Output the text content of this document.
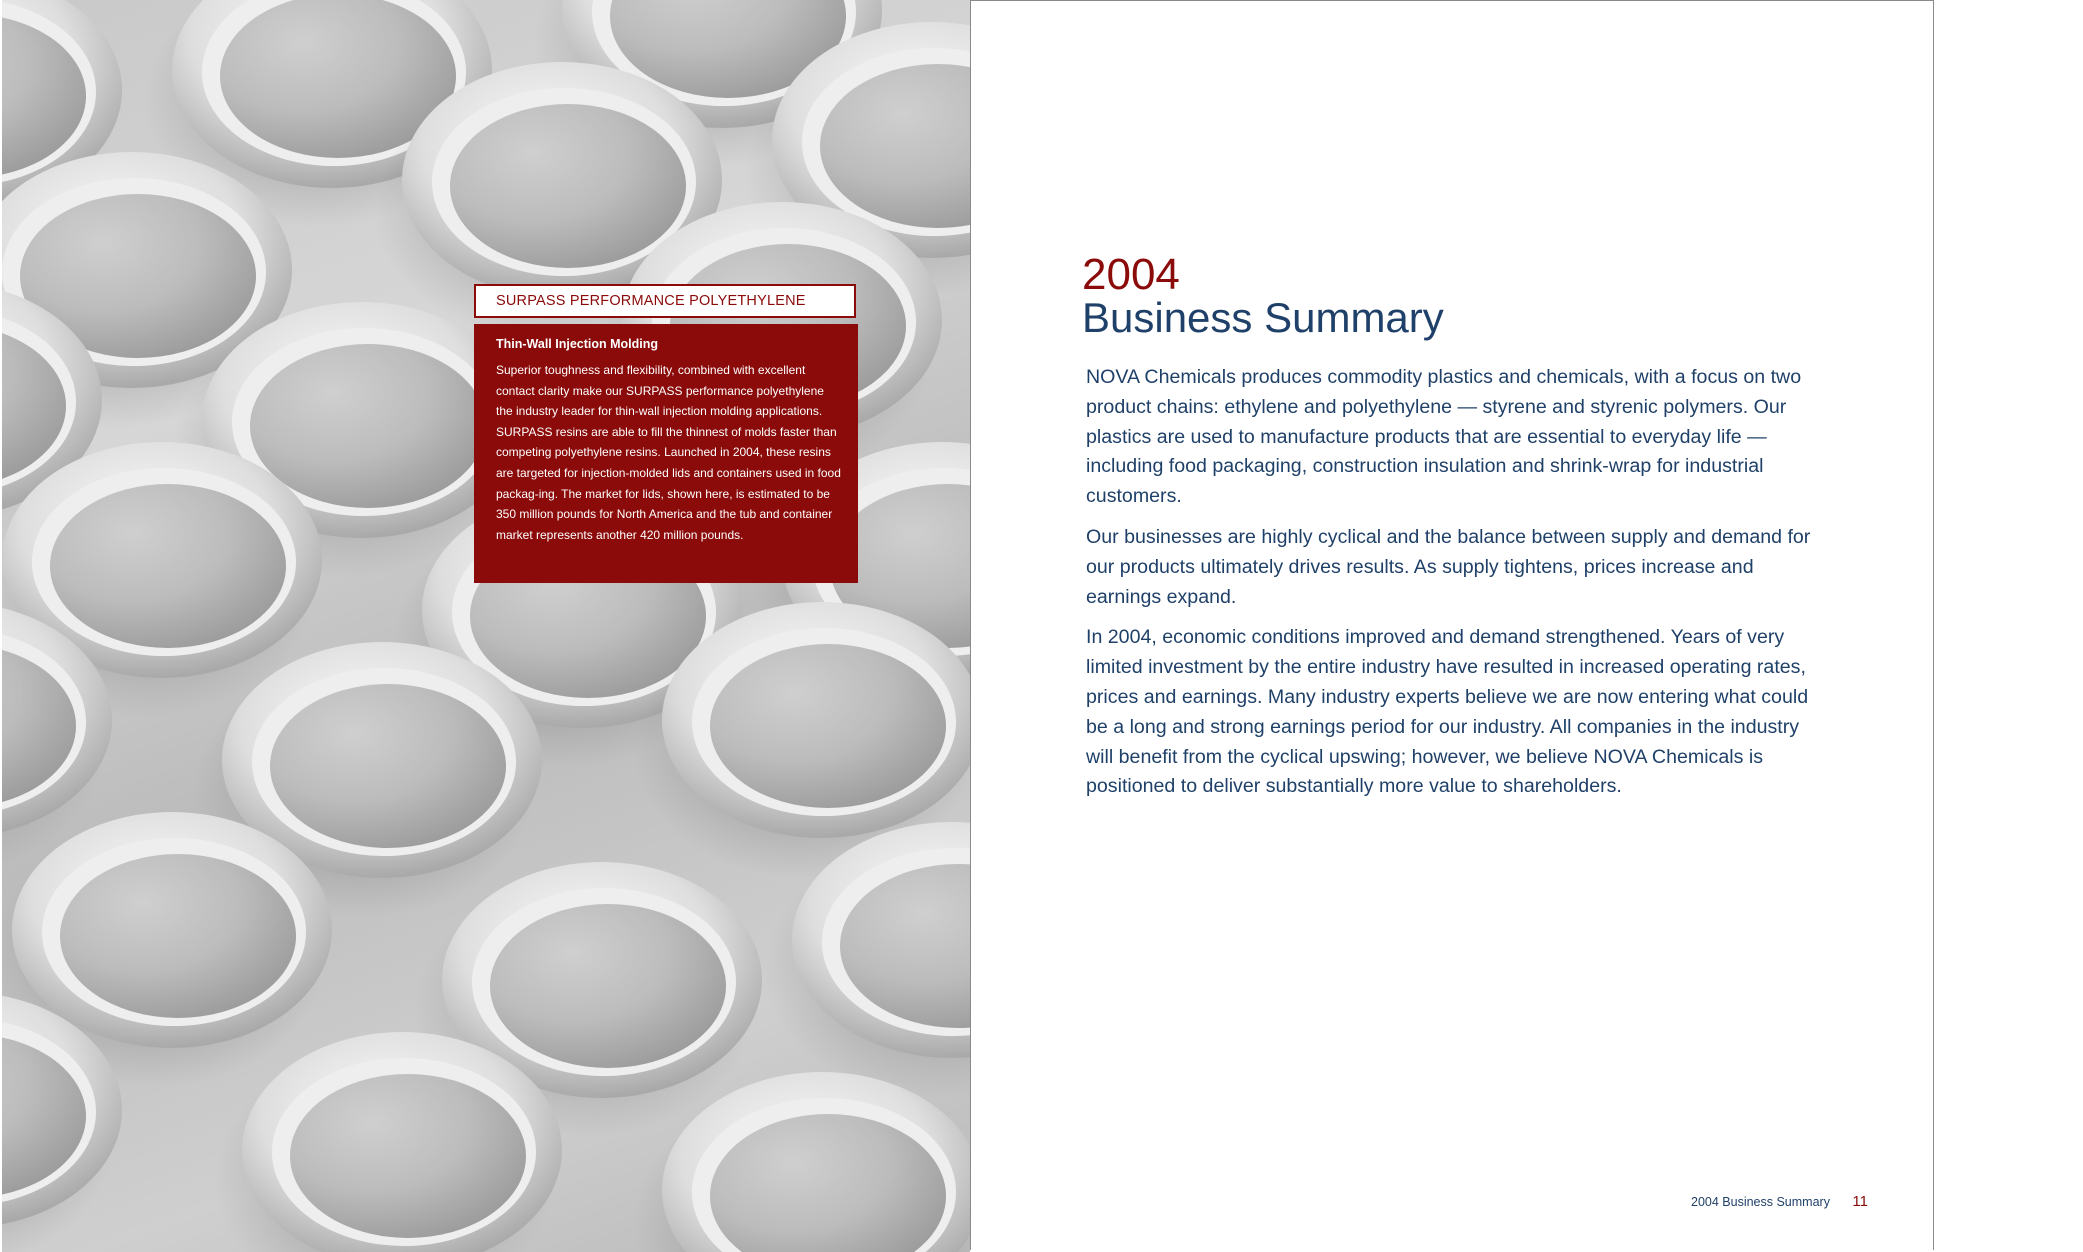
SURPASS PERFORMANCE POLYETHYLENE
Thin-Wall Injection Molding

Superior toughness and flexibility, combined with excellent contact clarity make our SURPASS performance polyethylene the industry leader for thin-wall injection molding applications. SURPASS resins are able to fill the thinnest of molds faster than competing polyethylene resins. Launched in 2004, these resins are targeted for injection-molded lids and containers used in food packag-ing. The market for lids, shown here, is estimated to be 350 million pounds for North America and the tub and container market represents another 420 million pounds.

2004
Business Summary

NOVA Chemicals produces commodity plastics and chemicals, with a focus on two product chains: ethylene and polyethylene — styrene and styrenic polymers. Our plastics are used to manufacture products that are essential to everyday life — including food packaging, construction insulation and shrink-wrap for industrial customers.

Our businesses are highly cyclical and the balance between supply and demand for our products ultimately drives results. As supply tightens, prices increase and earnings expand.

In 2004, economic conditions improved and demand strengthened. Years of very limited investment by the entire industry have resulted in increased operating rates, prices and earnings. Many industry experts believe we are now entering what could be a long and strong earnings period for our industry. All companies in the industry will benefit from the cyclical upswing; however, we believe NOVA Chemicals is positioned to deliver substantially more value to shareholders.

2004 Business Summary 11
